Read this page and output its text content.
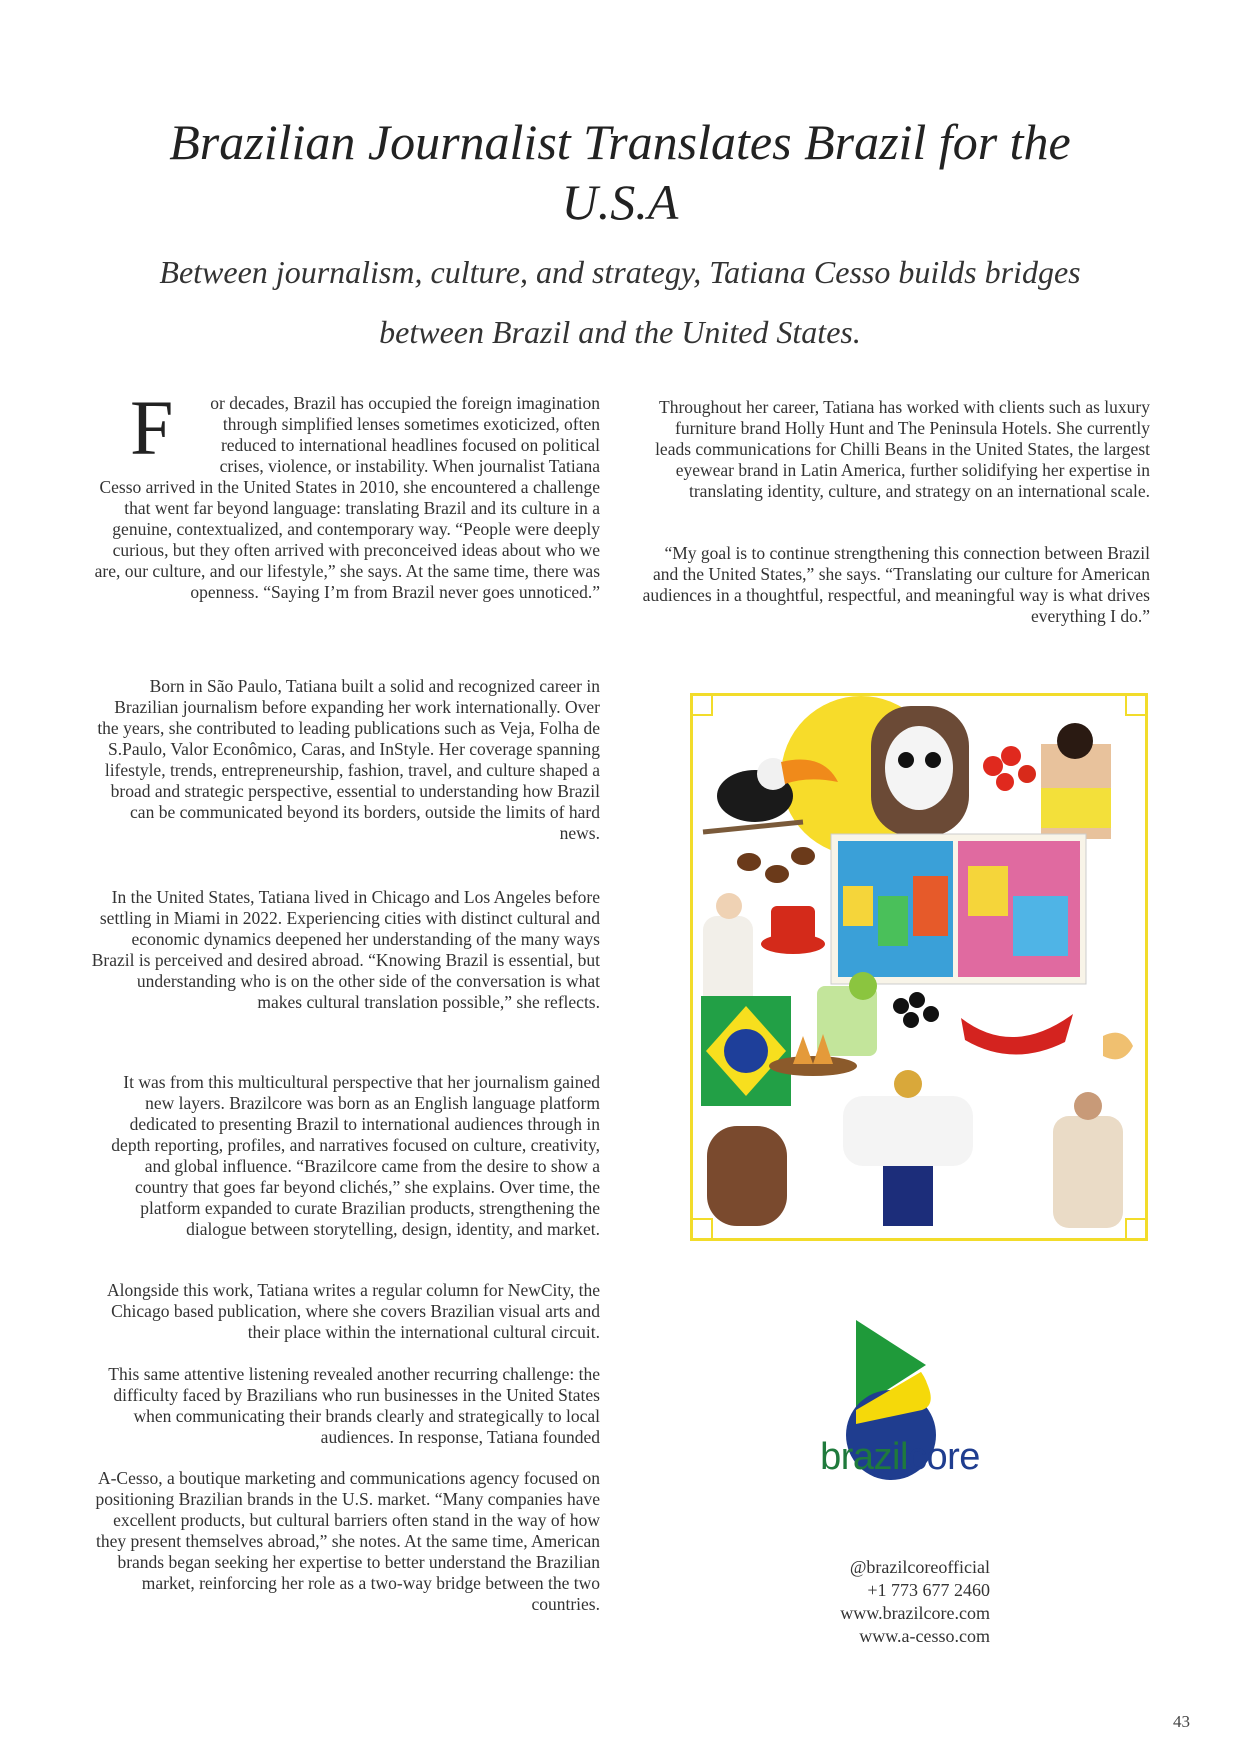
Brazilian Journalist Translates Brazil for the U.S.A
Between journalism, culture, and strategy, Tatiana Cesso builds bridges between Brazil and the United States.

F or decades, Brazil has occupied the foreign imagination through simplified lenses sometimes exoticized, often reduced to international headlines focused on political crises, violence, or instability. When journalist Tatiana Cesso arrived in the United States in 2010, she encountered a challenge that went far beyond language: translating Brazil and its culture in a genuine, contextualized, and contemporary way. “People were deeply curious, but they often arrived with preconceived ideas about who we are, our culture, and our lifestyle,” she says. At the same time, there was openness. “Saying I’m from Brazil never goes unnoticed.”

Born in São Paulo, Tatiana built a solid and recognized career in Brazilian journalism before expanding her work internationally. Over the years, she contributed to leading publications such as Veja, Folha de S.Paulo, Valor Econômico, Caras, and InStyle. Her coverage spanning lifestyle, trends, entrepreneurship, fashion, travel, and culture shaped a broad and strategic perspective, essential to understanding how Brazil can be communicated beyond its borders, outside the limits of hard news.

In the United States, Tatiana lived in Chicago and Los Angeles before settling in Miami in 2022. Experiencing cities with distinct cultural and economic dynamics deepened her understanding of the many ways Brazil is perceived and desired abroad. “Knowing Brazil is essential, but understanding who is on the other side of the conversation is what makes cultural translation possible,” she reflects.

It was from this multicultural perspective that her journalism gained new layers. Brazilcore was born as an English language platform dedicated to presenting Brazil to international audiences through in depth reporting, profiles, and narratives focused on culture, creativity, and global influence. “Brazilcore came from the desire to show a country that goes far beyond clichés,” she explains. Over time, the platform expanded to curate Brazilian products, strengthening the dialogue between storytelling, design, identity, and market.

Alongside this work, Tatiana writes a regular column for NewCity, the Chicago based publication, where she covers Brazilian visual arts and their place within the international cultural circuit.

This same attentive listening revealed another recurring challenge: the difficulty faced by Brazilians who run businesses in the United States when communicating their brands clearly and strategically to local audiences. In response, Tatiana founded

A-Cesso, a boutique marketing and communications agency focused on positioning Brazilian brands in the U.S. market. “Many companies have excellent products, but cultural barriers often stand in the way of how they present themselves abroad,” she notes. At the same time, American brands began seeking her expertise to better understand the Brazilian market, reinforcing her role as a two-way bridge between the two countries.

Throughout her career, Tatiana has worked with clients such as luxury furniture brand Holly Hunt and The Peninsula Hotels. She currently leads communications for Chilli Beans in the United States, the largest eyewear brand in Latin America, further solidifying her expertise in translating identity, culture, and strategy on an international scale.

“My goal is to continue strengthening this connection between Brazil and the United States,” she says. “Translating our culture for American audiences in a thoughtful, respectful, and meaningful way is what drives everything I do.”

brazilcore
@brazilcoreofficial
+1 773 677 2460
www.brazilcore.com
www.a-cesso.com
43
